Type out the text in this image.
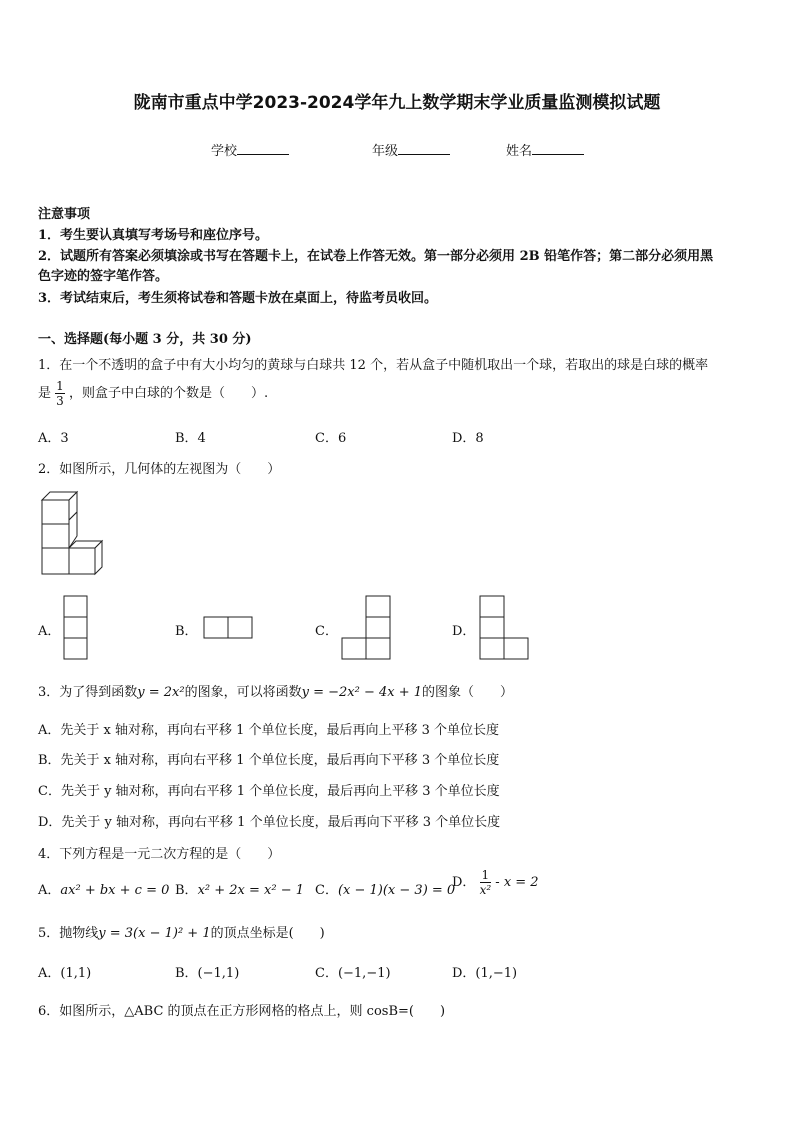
陇南市重点中学2023-2024学年九上数学期末学业质量监测模拟试题
学校	年级	姓名
注意事项
1．考生要认真填写考场号和座位序号。
2．试题所有答案必须填涂或书写在答题卡上，在试卷上作答无效。第一部分必须用 2B 铅笔作答；第二部分必须用黑
色字迹的签字笔作答。
3．考试结束后，考生须将试卷和答题卡放在桌面上，待监考员收回。
一、选择题(每小题 3 分，共 30 分)
1．在一个不透明的盒子中有大小均匀的黄球与白球共 12 个，若从盒子中随机取出一个球，若取出的球是白球的概率
是 $\frac{1}{3}$ ，则盒子中白球的个数是（　　）.
A．3	B．4	C．6	D．8
2．如图所示，几何体的左视图为（　　）
A．	B．	C．	D．
3．为了得到函数y = 2x²的图象，可以将函数y = −2x² − 4x + 1的图象（　　）
A．先关于 x 轴对称，再向右平移 1 个单位长度，最后再向上平移 3 个单位长度
B．先关于 x 轴对称，再向右平移 1 个单位长度，最后再向下平移 3 个单位长度
C．先关于 y 轴对称，再向右平移 1 个单位长度，最后再向上平移 3 个单位长度
D．先关于 y 轴对称，再向右平移 1 个单位长度，最后再向下平移 3 个单位长度
4．下列方程是一元二次方程的是（　　）
A．ax² + bx + c = 0 B．x² + 2x = x² − 1 C．(x − 1)(x − 3) = 0
D． $\frac{1}{\text{x²}} - x = 2$
5．抛物线y = 3(x − 1)² + 1的顶点坐标是(　　)
A．(1,1)	B．(−1,1)	C．(−1,−1)	D．(1,−1)
6．如图所示，△ABC 的顶点在正方形网格的格点上，则 cosB=(　　)
